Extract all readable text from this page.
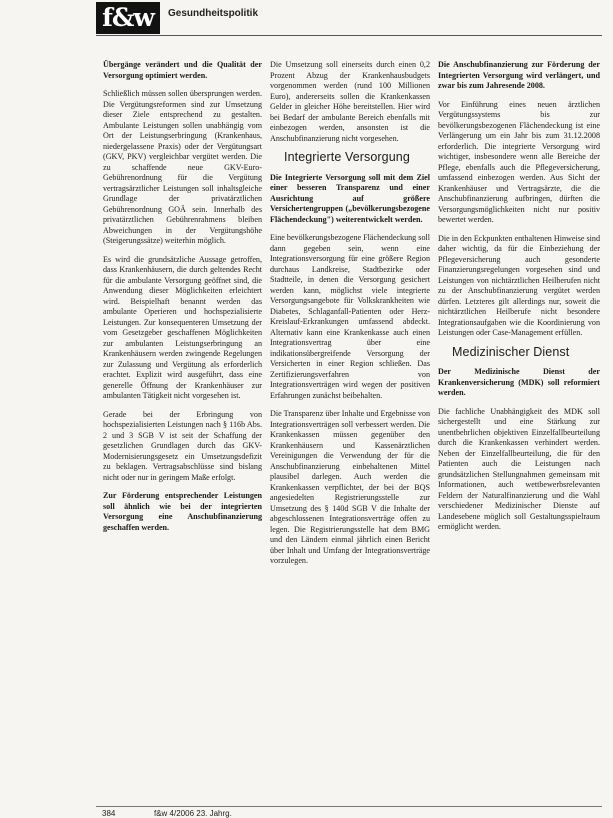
f&w	Gesundheitspolitik

Übergänge verändert und die Qualität der Versorgung optimiert werden.

Schließlich müssen sollen übersprungen werden. Die Vergütungsreformen sind zur Umsetzung dieser Ziele entsprechend zu gestalten. Ambulante Leistungen sollen unabhängig vom Ort der Leistungserbringung (Krankenhaus, niedergelassene Praxis) oder der Vergütungsart (GKV, PKV) vergleichbar vergütet werden. Die zu schaffende neue GKV-Euro-Gebührenordnung für die Vergütung vertragsärztlicher Leistungen soll inhaltsgleiche Grundlage der privatärztlichen Gebührenordnung GOÄ sein. Innerhalb des privatärztlichen Gebührenrahmens bleiben Abweichungen in der Vergütungshöhe (Steigerungssätze) weiterhin möglich.

Es wird die grundsätzliche Aussage getroffen, dass Krankenhäusern, die durch geltendes Recht für die ambulante Versorgung geöffnet sind, die Anwendung dieser Möglichkeiten erleichtert wird. Beispielhaft benannt werden das ambulante Operieren und hochspezialisierte Leistungen. Zur konsequenteren Umsetzung der vom Gesetzgeber geschaffenen Möglichkeiten zur ambulanten Leistungserbringung an Krankenhäusern werden zwingende Regelungen zur Zulassung und Vergütung als erforderlich erachtet. Explizit wird ausgeführt, dass eine generelle Öffnung der Krankenhäuser zur ambulanten Tätigkeit nicht vorgesehen ist.

Gerade bei der Erbringung von hochspezialisierten Leistungen nach § 116b Abs. 2 und 3 SGB V ist seit der Schaffung der gesetzlichen Grundlagen durch das GKV-Modernisierungsgesetz ein Umsetzungsdefizit zu beklagen. Vertragsabschlüsse sind bislang nicht oder nur in geringem Maße erfolgt.

Zur Förderung entsprechender Leistungen soll ähnlich wie bei der integrierten Versorgung eine Anschubfinanzierung geschaffen werden.

Die Umsetzung soll einerseits durch einen 0,2 Prozent Abzug der Krankenhausbudgets vorgenommen werden (rund 100 Millionen Euro), andererseits sollen die Krankenkassen Gelder in gleicher Höhe bereitstellen. Hier wird bei Bedarf der ambulante Bereich ebenfalls mit einbezogen werden, ansonsten ist die Anschubfinanzierung nicht vorgesehen.

Integrierte Versorgung

Die Integrierte Versorgung soll mit dem Ziel einer besseren Transparenz und einer Ausrichtung auf größere Versichertengruppen („bevölkerungsbezogene Flächendeckung") weiterentwickelt werden.

Eine bevölkerungsbezogene Flächendeckung soll dann gegeben sein, wenn eine Integrationsversorgung für eine größere Region durchaus Landkreise, Stadtbezirke oder Stadtteile, in denen die Versorgung gesichert werden kann, möglichst viele integrierte Versorgungsangebote für Volkskrankheiten wie Diabetes, Schlaganfall-Patienten oder Herz-Kreislauf-Erkrankungen umfassend abdeckt. Alternativ kann eine Krankenkasse auch einen Integrationsvertrag über eine indikationsübergreifende Versorgung der Versicherten in einer Region schließen. Das Zertifizierungsverfahren von Integrationsverträgen wird wegen der positiven Erfahrungen zunächst beibehalten.

Die Transparenz über Inhalte und Ergebnisse von Integrationsverträgen soll verbessert werden. Die Krankenkassen müssen gegenüber den Krankenhäusern und Kassenärztlichen Vereinigungen die Verwendung der für die Anschubfinanzierung einbehaltenen Mittel plausibel darlegen. Auch werden die Krankenkassen verpflichtet, der bei der BQS angesiedelten Registrierungsstelle zur Umsetzung des § 140d SGB V die Inhalte der abgeschlossenen Integrationsverträge offen zu legen. Die Registrierungsstelle hat dem BMG und den Ländern einmal jährlich einen Bericht über Inhalt und Umfang der Integrationsverträge vorzulegen.

Die Anschubfinanzierung zur Förderung der Integrierten Versorgung wird verlängert, und zwar bis zum Jahresende 2008.

Vor Einführung eines neuen ärztlichen Vergütungssystems bis zur bevölkerungsbezogenen Flächendeckung ist eine Verlängerung um ein Jahr bis zum 31.12.2008 erforderlich. Die integrierte Versorgung wird wichtiger, insbesondere wenn alle Bereiche der Pflege, ebenfalls auch die Pflegeversicherung, umfassend einbezogen werden. Aus Sicht der Krankenhäuser und Vertragsärzte, die die Anschubfinanzierung aufbringen, dürften die Versorgungsmöglichkeiten nicht nur positiv bewertet werden.

Die in den Eckpunkten enthaltenen Hinweise sind daher wichtig, da für die Einbeziehung der Pflegeversicherung auch gesonderte Finanzierungsregelungen vorgesehen sind und Leistungen von nichtärztlichen Heilberufen nicht zu der Anschubfinanzierung vergütet werden dürfen. Letzteres gilt allerdings nur, soweit die nichtärztlichen Heilberufe nicht besondere Integrationsaufgaben wie die Koordinierung von Leistungen oder Case-Management erfüllen.

Medizinischer Dienst

Der Medizinische Dienst der Krankenversicherung (MDK) soll reformiert werden.

Die fachliche Unabhängigkeit des MDK soll sichergestellt und eine Stärkung zur unentbehrlichen objektiven Einzelfallbeurteilung durch die Krankenkassen verhindert werden. Neben der Einzelfallbeurteilung, die für den Patienten auch die Leistungen nach grundsätzlichen Stellungnahmen gemeinsam mit Informationen, auch wettbewerbsrelevanten Feldern der Naturalfinanzierung und die Wahl verschiedener Medizinischer Dienste auf Landesebene möglich soll Gestaltungsspielraum ermöglicht werden.

384	f&w 4/2006 23. Jahrg.
